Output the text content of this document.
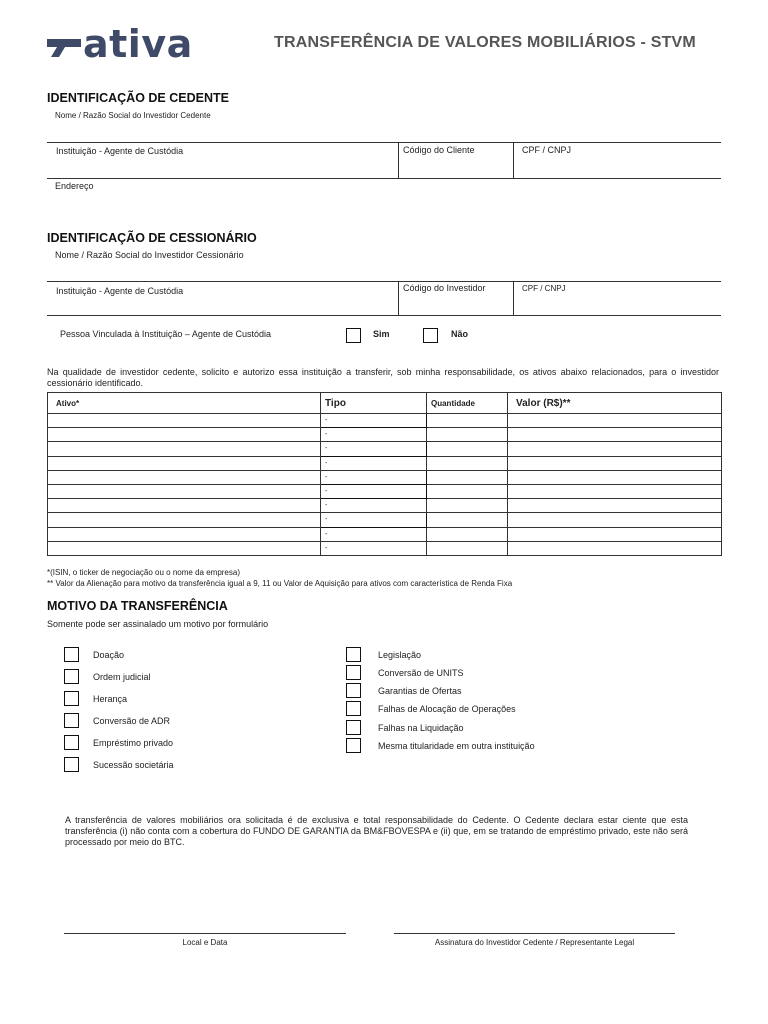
ativa	TRANSFERÊNCIA DE VALORES MOBILIÁRIOS - STVM
IDENTIFICAÇÃO DE CEDENTE
Nome / Razão Social do Investidor Cedente
Instituição - Agente de Custódia	Código do Cliente	CPF / CNPJ
Endereço
IDENTIFICAÇÃO DE CESSIONÁRIO
Nome / Razão Social do Investidor Cessionário
Instituição - Agente de Custódia	Código do Investidor	CPF / CNPJ
Pessoa Vinculada à Instituição – Agente de Custódia	Sim	Não
Na qualidade de investidor cedente, solicito e autorizo essa instituição a transferir, sob minha responsabilidade, os ativos abaixo relacionados, para o investidor cessionário identificado.
Ativo*	Tipo	Quantidade	Valor (R$)**
	-		
	-		
	-		
	-		
	-		
	-		
	-		
	-		
	-		
	-		
*(ISIN, o ticker de negociação ou o nome da empresa)
** Valor da Alienação para motivo da transferência igual a 9, 11 ou Valor de Aquisição para ativos com característica de Renda Fixa
MOTIVO DA TRANSFERÊNCIA
Somente pode ser assinalado um motivo por formulário
Doação
Ordem judicial
Herança
Conversão de ADR
Empréstimo privado
Sucessão societária
Legislação
Conversão de UNITS
Garantias de Ofertas
Falhas de Alocação de Operações
Falhas na Liquidação
Mesma titularidade em outra instituição
A transferência de valores mobiliários ora solicitada é de exclusiva e total responsabilidade do Cedente. O Cedente declara estar ciente que esta transferência (i) não conta com a cobertura do FUNDO DE GARANTIA da BM&FBOVESPA e (ii) que, em se tratando de empréstimo privado, este não será processado por meio do BTC.
Local e Data	Assinatura do Investidor Cedente / Representante Legal
